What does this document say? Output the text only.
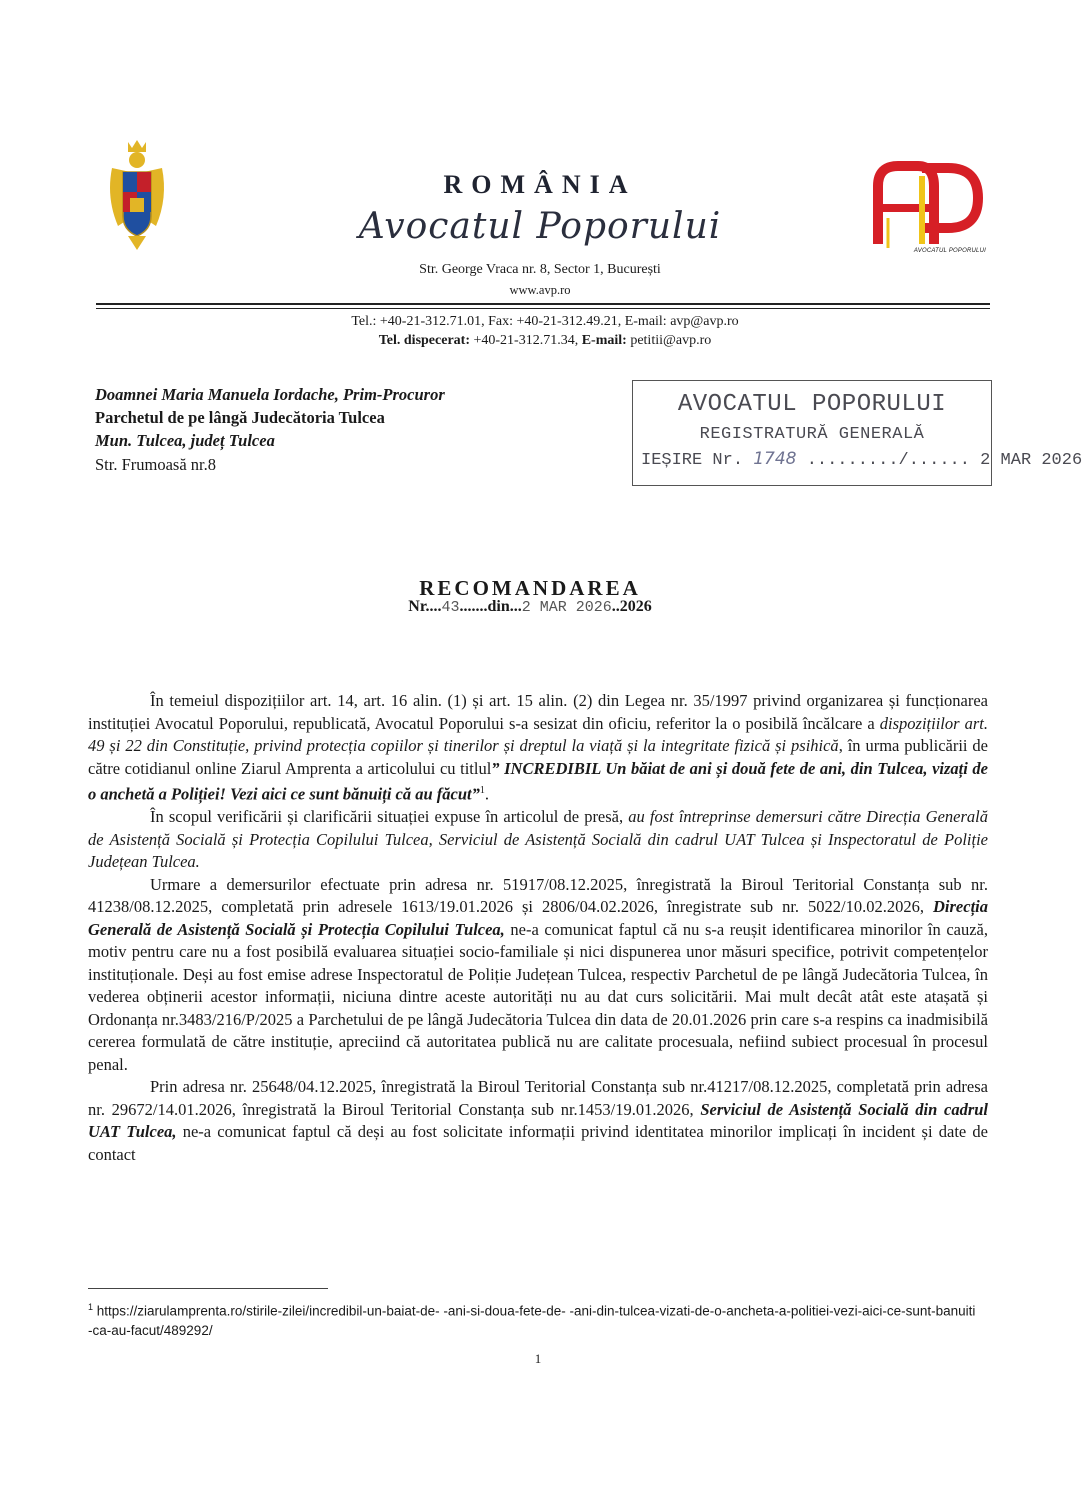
AVOCATUL POPORULUI
ROMÂNIA
Avocatul Poporului
Str. George Vraca nr. 8, Sector 1, București
www.avp.ro
Tel.: +40-21-312.71.01, Fax: +40-21-312.49.21, E-mail: avp@avp.ro
Tel. dispecerat: +40-21-312.71.34, E-mail: petitii@avp.ro
Doamnei Maria Manuela Iordache, Prim-Procuror
Parchetul de pe lângă Judecătoria Tulcea
Mun. Tulcea, județ Tulcea
Str. Frumoasă nr.8
AVOCATUL POPORULUI
REGISTRATURĂ GENERALĂ
IEȘIRE Nr. 1748 ........./...... 2 MAR 2026
RECOMANDAREA
Nr....43.......din...2 MAR 2026..2026

În temeiul dispozițiilor art. 14, art. 16 alin. (1) și art. 15 alin. (2) din Legea nr. 35/1997 privind organizarea și funcționarea instituției Avocatul Poporului, republicată, Avocatul Poporului s-a sesizat din oficiu, referitor la o posibilă încălcare a dispozițiilor art. 49 și 22 din Constituție, privind protecția copiilor și tinerilor și dreptul la viață și la integritate fizică și psihică, în urma publicării de către cotidianul online Ziarul Amprenta a articolului cu titlul” INCREDIBIL Un băiat de ani și două fete de ani, din Tulcea, vizați de o anchetă a Poliției! Vezi aici ce sunt bănuiți că au făcut”$^1$.

În scopul verificării și clarificării situației expuse în articolul de presă, au fost întreprinse demersuri către Direcția Generală de Asistență Socială și Protecția Copilului Tulcea, Serviciul de Asistență Socială din cadrul UAT Tulcea și Inspectoratul de Poliție Județean Tulcea.

Urmare a demersurilor efectuate prin adresa nr. 51917/08.12.2025, înregistrată la Biroul Teritorial Constanța sub nr. 41238/08.12.2025, completată prin adresele 1613/19.01.2026 și 2806/04.02.2026, înregistrate sub nr. 5022/10.02.2026, Direcția Generală de Asistență Socială și Protecția Copilului Tulcea, ne-a comunicat faptul că nu s-a reușit identificarea minorilor în cauză, motiv pentru care nu a fost posibilă evaluarea situației socio-familiale și nici dispunerea unor măsuri specifice, potrivit competențelor instituționale. Deși au fost emise adrese Inspectoratul de Poliție Județean Tulcea, respectiv Parchetul de pe lângă Judecătoria Tulcea, în vederea obținerii acestor informații, niciuna dintre aceste autorități nu au dat curs solicitării. Mai mult decât atât este atașată și Ordonanța nr.3483/216/P/2025 a Parchetului de pe lângă Judecătoria Tulcea din data de 20.01.2026 prin care s-a respins ca inadmisibilă cererea formulată de către instituție, apreciind că autoritatea publică nu are calitate procesuala, nefiind subiect procesual în procesul penal.

Prin adresa nr. 25648/04.12.2025, înregistrată la Biroul Teritorial Constanța sub nr.41217/08.12.2025, completată prin adresa nr. 29672/14.01.2026, înregistrată la Biroul Teritorial Constanța sub nr.1453/19.01.2026, Serviciul de Asistență Socială din cadrul UAT Tulcea, ne-a comunicat faptul că deși au fost solicitate informații privind identitatea minorilor implicați în incident și date de contact

$^1$ https://ziarulamprenta.ro/stirile-zilei/incredibil-un-baiat-de- -ani-si-doua-fete-de- -ani-din-tulcea-vizati-de-o-ancheta-a-politiei-vezi-aici-ce-sunt-banuiti-ca-au-facut/489292/
1
